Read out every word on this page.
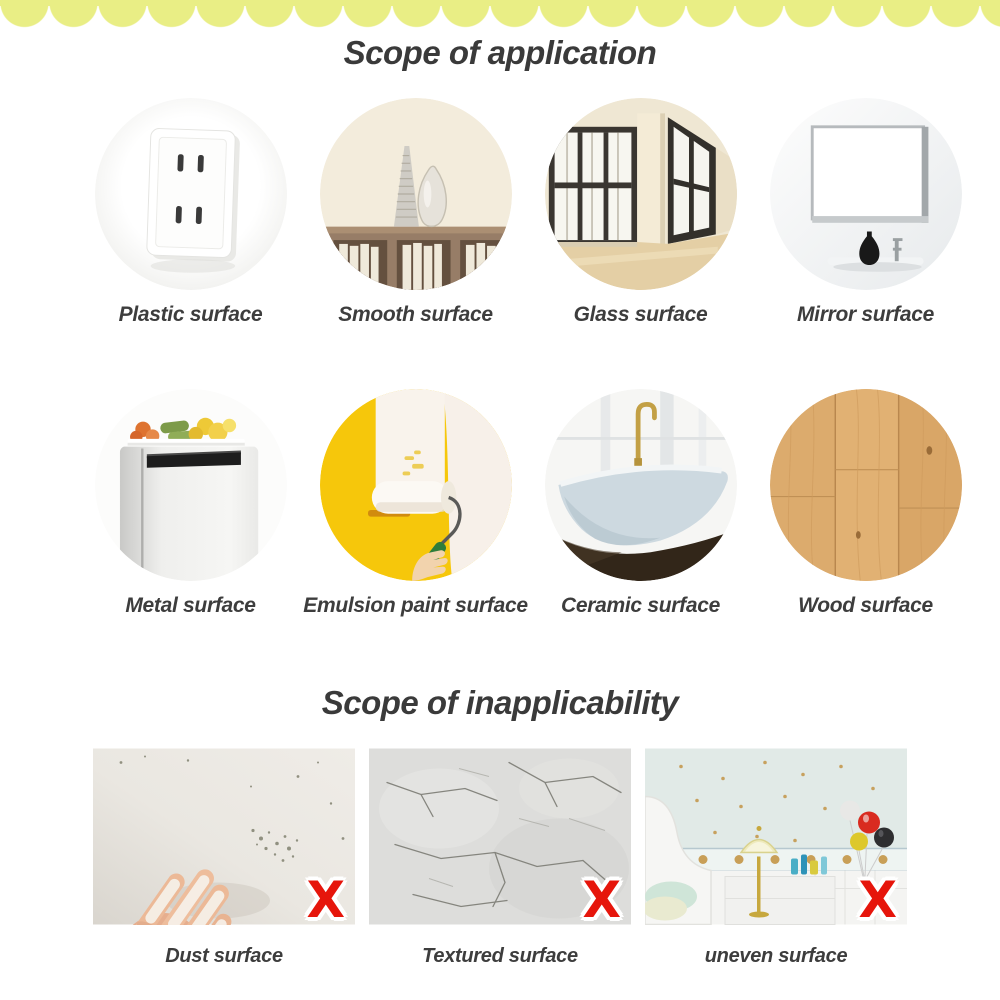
Scope of application
Plastic surface	Smooth surface	Glass surface	Mirror surface
Metal surface Emulsion paint surface Ceramic surface	Wood surface
Scope of inapplicability
X
Dust surface
X
Textured surface
X
uneven surface
